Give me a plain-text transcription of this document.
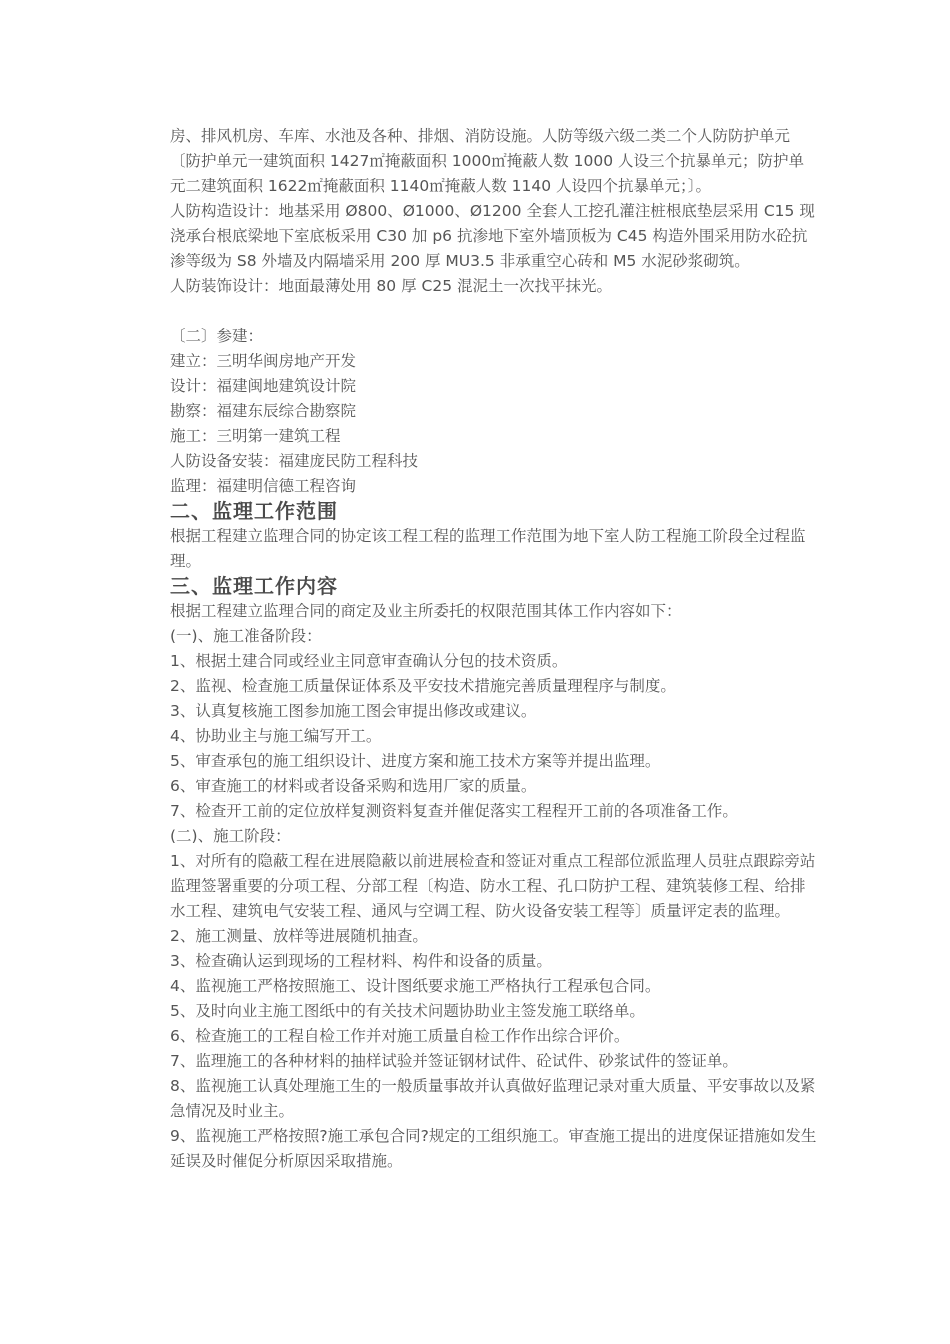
房、排风机房、车库、水池及各种、排烟、消防设施。人防等级六级二类二个人防防护单元〔防护单元一建筑面积 1427㎡掩蔽面积 1000㎡掩蔽人数 1000 人设三个抗暴单元；防护单元二建筑面积 1622㎡掩蔽面积 1140㎡掩蔽人数 1140 人设四个抗暴单元；〕。

人防构造设计：地基采用 Ø800、Ø1000、Ø1200 全套人工挖孔灌注桩根底垫层采用 C15 现浇承台根底梁地下室底板采用 C30 加 p6 抗渗地下室外墙顶板为 C45 构造外围采用防水砼抗渗等级为 S8 外墙及内隔墙采用 200 厚 MU3.5 非承重空心砖和 M5 水泥砂浆砌筑。

人防装饰设计：地面最薄处用 80 厚 C25 混泥土一次找平抹光。

〔二〕参建：

建立：三明华闽房地产开发

设计：福建闽地建筑设计院

勘察：福建东辰综合勘察院

施工：三明第一建筑工程

人防设备安装：福建庞民防工程科技

监理：福建明信德工程咨询

二、监理工作范围

根据工程建立监理合同的协定该工程工程的监理工作范围为地下室人防工程施工阶段全过程监理。

三、监理工作内容

根据工程建立监理合同的商定及业主所委托的权限范围其体工作内容如下：

(一)、施工准备阶段：

1、根据土建合同或经业主同意审查确认分包的技术资质。

2、监视、检查施工质量保证体系及平安技术措施完善质量理程序与制度。

3、认真复核施工图参加施工图会审提出修改或建议。

4、协助业主与施工编写开工。

5、审查承包的施工组织设计、进度方案和施工技术方案等并提出监理。

6、审查施工的材料或者设备采购和选用厂家的质量。

7、检查开工前的定位放样复测资料复查并催促落实工程程开工前的各项准备工作。

(二)、施工阶段：

1、对所有的隐蔽工程在进展隐蔽以前进展检查和签证对重点工程部位派监理人员驻点跟踪旁站监理签署重要的分项工程、分部工程〔构造、防水工程、孔口防护工程、建筑装修工程、给排水工程、建筑电气安装工程、通风与空调工程、防火设备安装工程等〕质量评定表的监理。

2、施工测量、放样等进展随机抽查。

3、检查确认运到现场的工程材料、构件和设备的质量。

4、监视施工严格按照施工、设计图纸要求施工严格执行工程承包合同。

5、及时向业主施工图纸中的有关技术问题协助业主签发施工联络单。

6、检查施工的工程自检工作并对施工质量自检工作作出综合评价。

7、监理施工的各种材料的抽样试验并签证钢材试件、砼试件、砂浆试件的签证单。

8、监视施工认真处理施工生的一般质量事故并认真做好监理记录对重大质量、平安事故以及紧急情况及时业主。

9、监视施工严格按照?施工承包合同?规定的工组织施工。审查施工提出的进度保证措施如发生延误及时催促分析原因采取措施。
